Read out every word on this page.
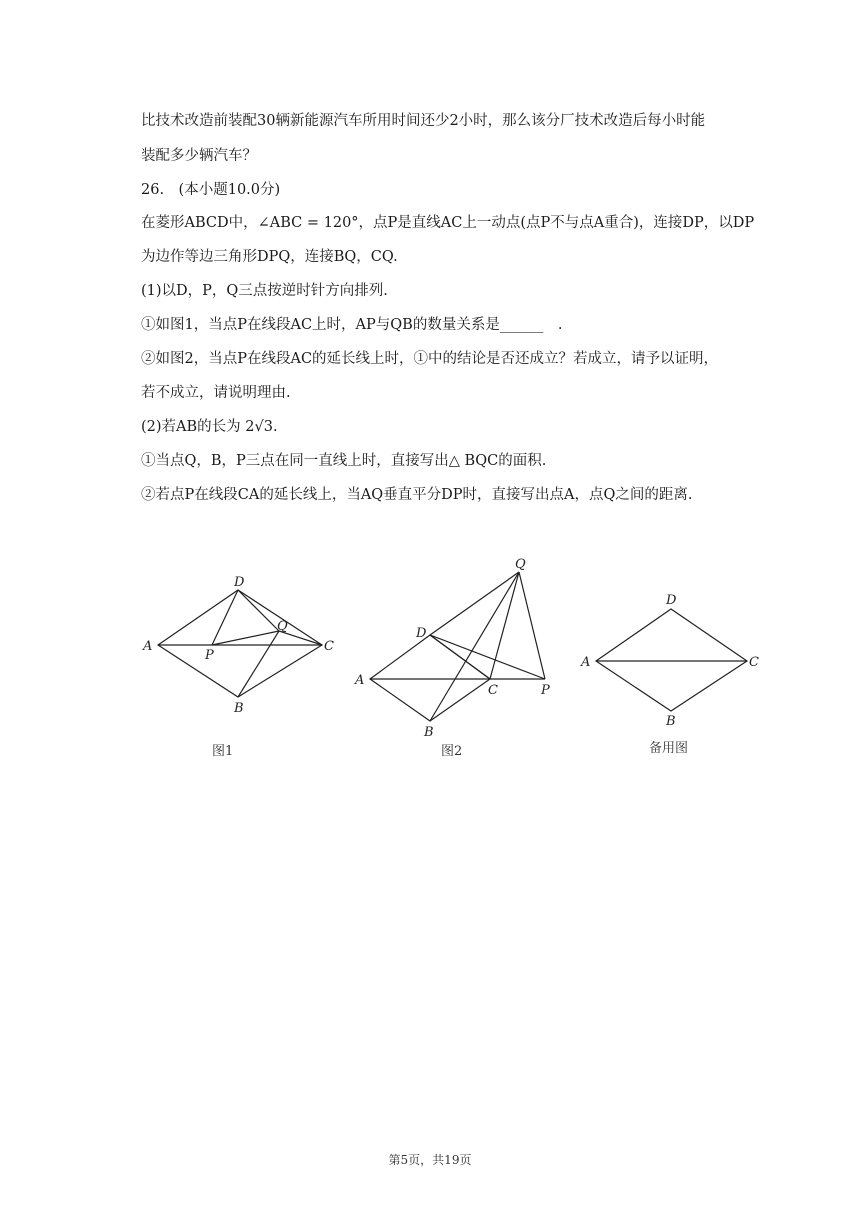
比技术改造前装配30辆新能源汽车所用时间还少2小时，那么该分厂技术改造后每小时能
装配多少辆汽车？
26.　(本小题10.0分)
在菱形ABCD中，∠ABC = 120°，点P是直线AC上一动点(点P不与点A重合)，连接DP，以DP
为边作等边三角形DPQ，连接BQ，CQ.
(1)以D，P，Q三点按逆时针方向排列.
①如图1，当点P在线段AC上时，AP与QB的数量关系是______　.
②如图2，当点P在线段AC的延长线上时，①中的结论是否还成立？若成立，请予以证明，
若不成立，请说明理由.
(2)若AB的长为 2√3.
①当点Q，B，P三点在同一直线上时，直接写出△ BQC的面积.
②若点P在线段CA的延长线上，当AQ垂直平分DP时，直接写出点A，点Q之间的距离.
A
D
C
B
P
Q
A
D
C	P
B
Q
A
D
C
B
图1	图2	备用图
第5页，共19页
